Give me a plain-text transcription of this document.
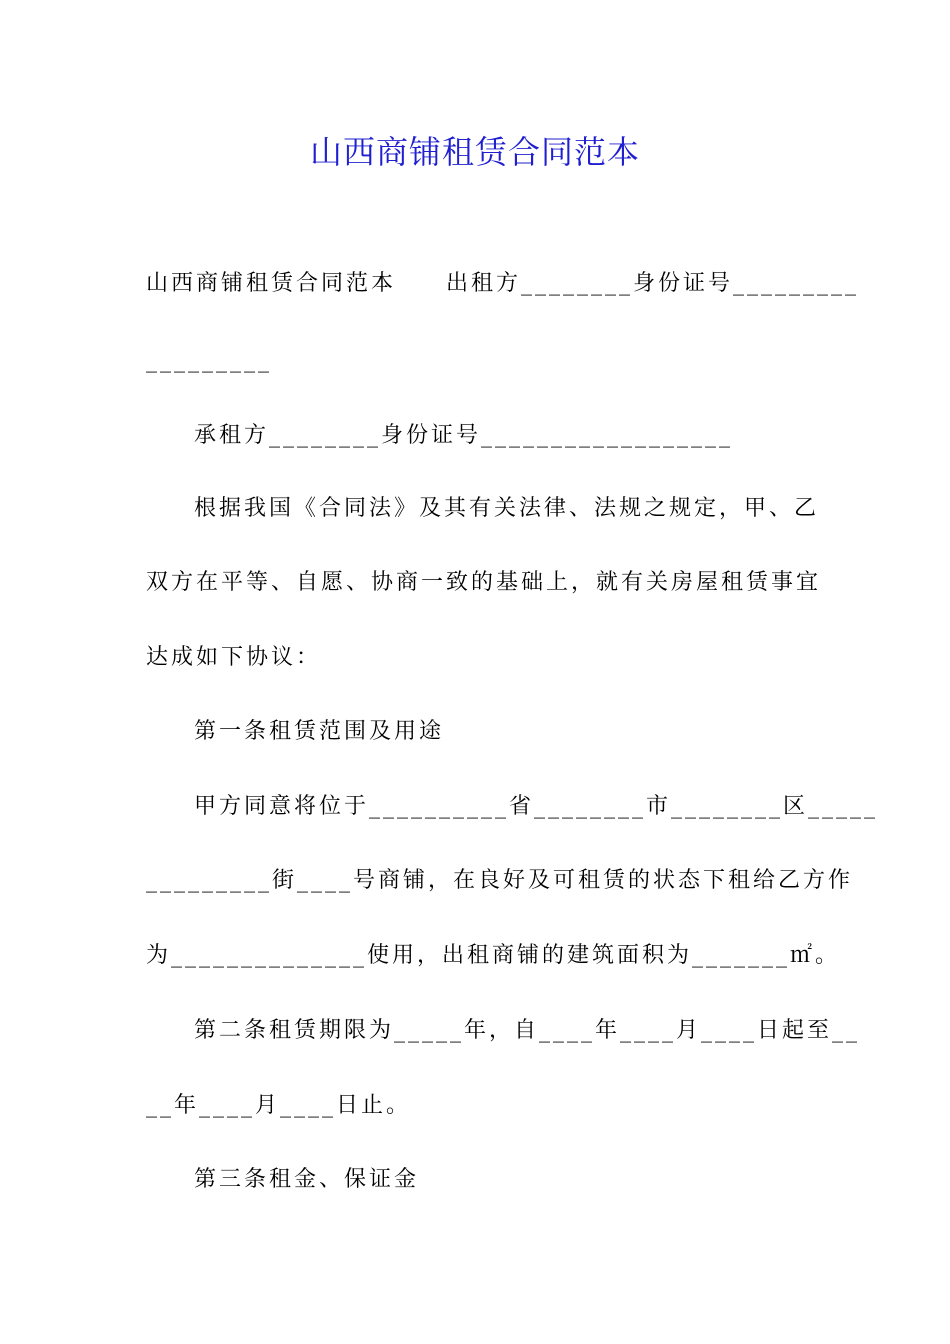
山西商铺租赁合同范本
山西商铺租赁合同范本　　出租方________身份证号_________
_________
承租方________身份证号__________________
根据我国《合同法》及其有关法律、法规之规定，甲、乙
双方在平等、自愿、协商一致的基础上，就有关房屋租赁事宜
达成如下协议：
第一条租赁范围及用途
甲方同意将位于__________省________市________区_____
_________街____号商铺，在良好及可租赁的状态下租给乙方作
为______________使用，出租商铺的建筑面积为_______㎡。
第二条租赁期限为_____年，自____年____月____日起至__
__年____月____日止。
第三条租金、保证金
